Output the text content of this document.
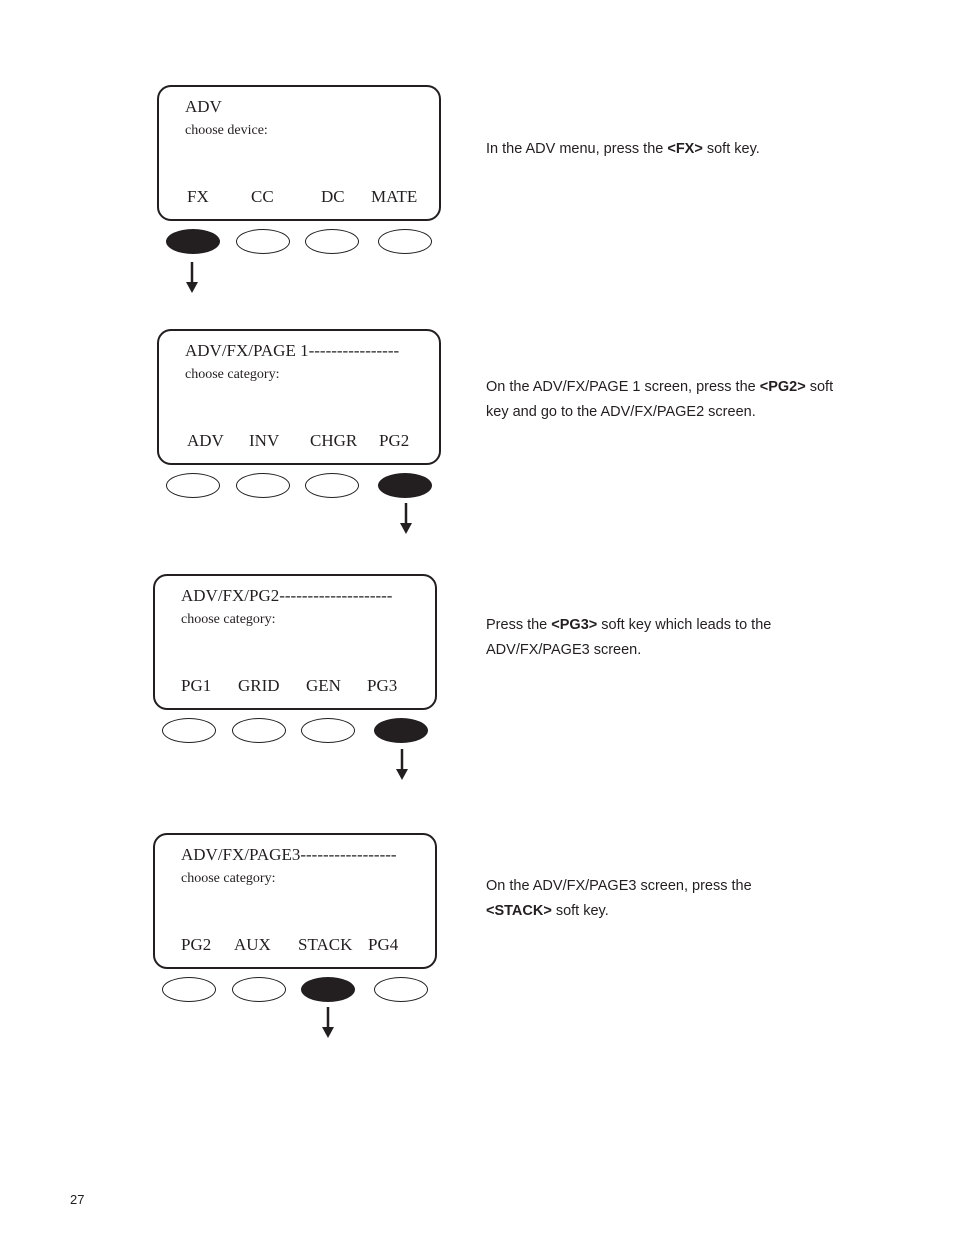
ADV
choose device:
FX CC	DC MATE
In the ADV menu, press the <FX> soft key.
ADV/FX/PAGE 1----------------
choose category:
ADV INV CHGR PG2
On the ADV/FX/PAGE 1 screen, press the <PG2> soft key and go to the ADV/FX/PAGE2 screen.
ADV/FX/PG2--------------------
choose category:
PG1 GRID GEN PG3
Press the <PG3> soft key which leads to the ADV/FX/PAGE3 screen.
ADV/FX/PAGE3-----------------
choose category:
PG2 AUX STACK PG4
On the ADV/FX/PAGE3 screen, press the <STACK> soft key.
27
